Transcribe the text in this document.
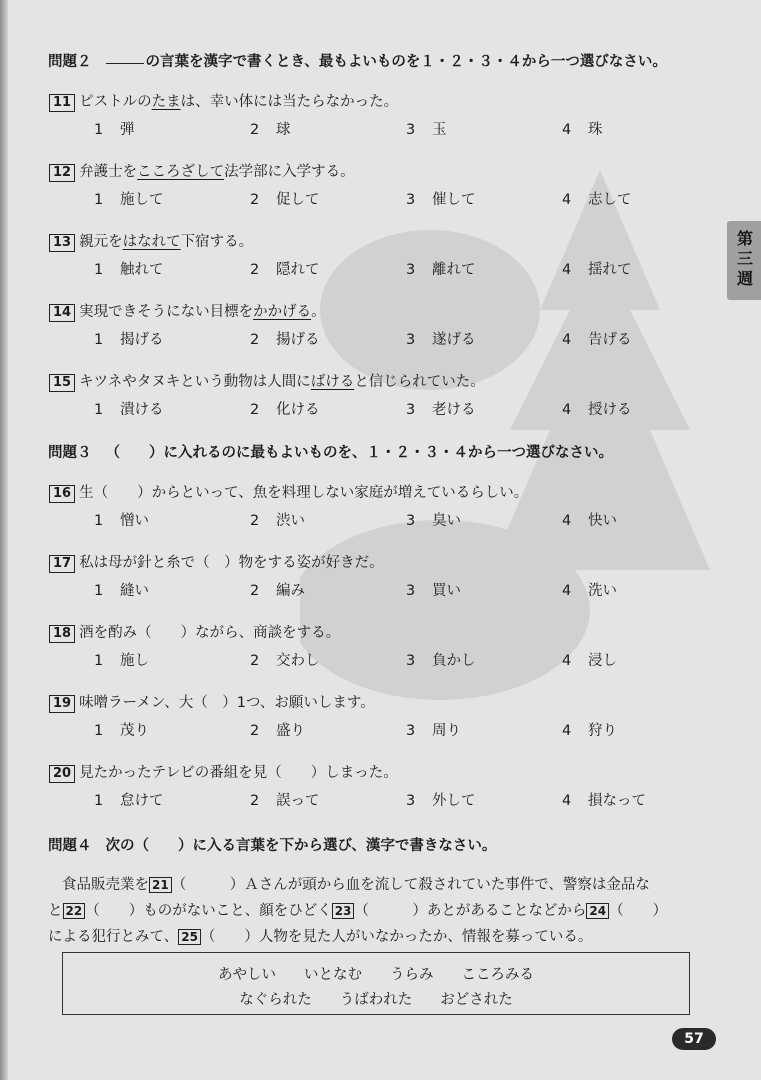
第三週
問題２	の言葉を漢字で書くとき、最もよいものを１・２・３・４から一つ選びなさい。
11 ピストルのたまは、幸い体には当たらなかった。
1 弾	2 球	3 玉	4 珠
12 弁護士をこころざして法学部に入学する。
1 施して	2 促して	3 催して	4 志して
13 親元をはなれて下宿する。
1 触れて	2 隠れて	3 離れて	4 揺れて
14 実現できそうにない目標をかかげる。
1 揭げる	2 揚げる	3 遂げる	4 告げる
15 キツネやタヌキという動物は人間にばけると信じられていた。
1 潰ける	2 化ける	3 老ける	4 授ける
問題３ （　　）に入れるのに最もよいものを、１・２・３・４から一つ選びなさい。
16 生（　　）からといって、魚を料理しない家庭が増えているらしい。
1 憎い	2 渋い	3 臭い	4 快い
17 私は母が針と糸で（　）物をする姿が好きだ。
1 縫い	2 編み	3 買い	4 洗い
18 酒を酌み（　　）ながら、商談をする。
1 施し	2 交わし	3 負かし	4 浸し
19 味噌ラーメン、大（　）1つ、お願いします。
1 茂り	2 盛り	3 周り	4 狩り
20 見たかったテレビの番組を見（　　）しまった。
1 怠けて	2 誤って	3 外して	4 損なって
問題４ 次の（　　）に入る言葉を下から選び、漢字で書きなさい。
食品販売業を 21 （　　　）Ａさんが頭から血を流して殺されていた事件で、警察は金品な
と 22 （　　）ものがないこと、顔をひどく 23 （　　　）あとがあることなどから 24 （　　）
による犯行とみて、 25 （　　）人物を見た人がいなかったか、情報を募っている。
あやしい いとなむ うらみ こころみる
なぐられた うばわれた おどされた
57
